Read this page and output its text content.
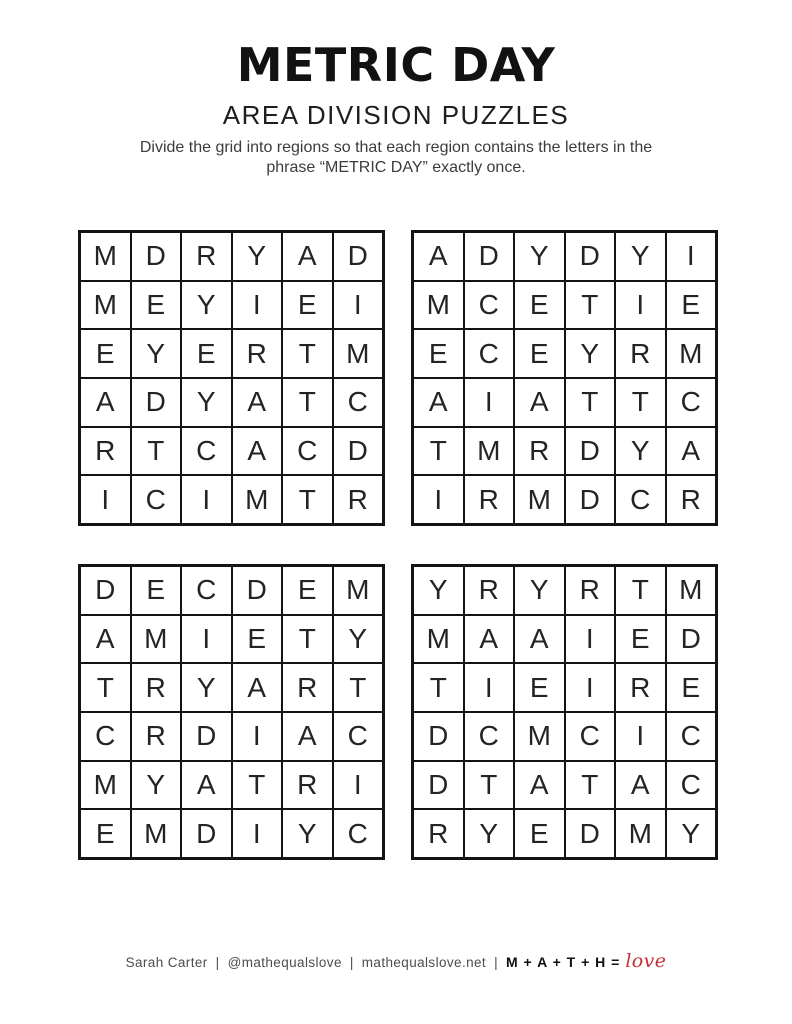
METRIC DAY
AREA DIVISION PUZZLES
Divide the grid into regions so that each region contains the letters in the
phrase “METRIC DAY” exactly once.
M	D	R	Y	A	D
M	E	Y	I	E	I
E	Y	E	R	T	M
A	D	Y	A	T	C
R	T	C	A	C	D
I	C	I	M	T	R
A	D	Y	D	Y	I
M	C	E	T	I	E
E	C	E	Y	R	M
A	I	A	T	T	C
T	M	R	D	Y	A
I	R	M	D	C	R
D	E	C	D	E	M
A	M	I	E	T	Y
T	R	Y	A	R	T
C	R	D	I	A	C
M	Y	A	T	R	I
E	M	D	I	Y	C
Y	R	Y	R	T	M
M	A	A	I	E	D
T	I	E	I	R	E
D	C	M	C	I	C
D	T	A	T	A	C
R	Y	E	D	M	Y
Sarah Carter | @mathequalslove | mathequalslove.net | M + A + T + H = love
